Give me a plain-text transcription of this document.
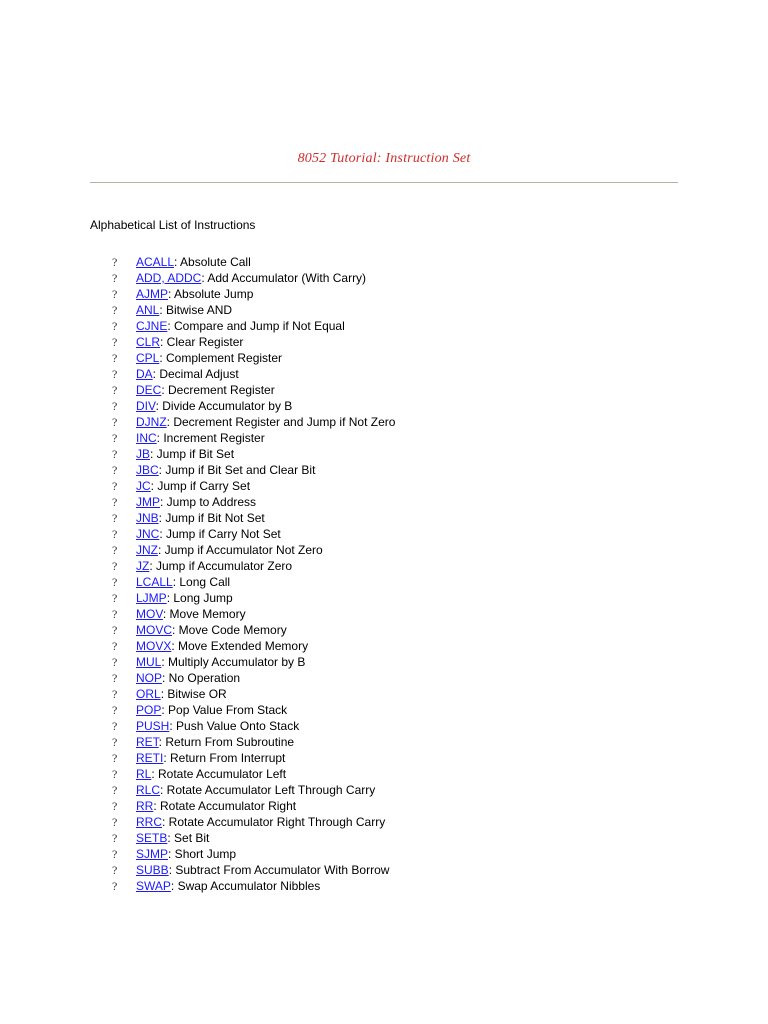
8052 Tutorial: Instruction Set
Alphabetical List of Instructions
? ACALL: Absolute Call
? ADD, ADDC: Add Accumulator (With Carry)
? AJMP: Absolute Jump
? ANL: Bitwise AND
? CJNE: Compare and Jump if Not Equal
? CLR: Clear Register
? CPL: Complement Register
? DA: Decimal Adjust
? DEC: Decrement Register
? DIV: Divide Accumulator by B
? DJNZ: Decrement Register and Jump if Not Zero
? INC: Increment Register
? JB: Jump if Bit Set
? JBC: Jump if Bit Set and Clear Bit
? JC: Jump if Carry Set
? JMP: Jump to Address
? JNB: Jump if Bit Not Set
? JNC: Jump if Carry Not Set
? JNZ: Jump if Accumulator Not Zero
? JZ: Jump if Accumulator Zero
? LCALL: Long Call
? LJMP: Long Jump
? MOV: Move Memory
? MOVC: Move Code Memory
? MOVX: Move Extended Memory
? MUL: Multiply Accumulator by B
? NOP: No Operation
? ORL: Bitwise OR
? POP: Pop Value From Stack
? PUSH: Push Value Onto Stack
? RET: Return From Subroutine
? RETI: Return From Interrupt
? RL: Rotate Accumulator Left
? RLC: Rotate Accumulator Left Through Carry
? RR: Rotate Accumulator Right
? RRC: Rotate Accumulator Right Through Carry
? SETB: Set Bit
? SJMP: Short Jump
? SUBB: Subtract From Accumulator With Borrow
? SWAP: Swap Accumulator Nibbles
